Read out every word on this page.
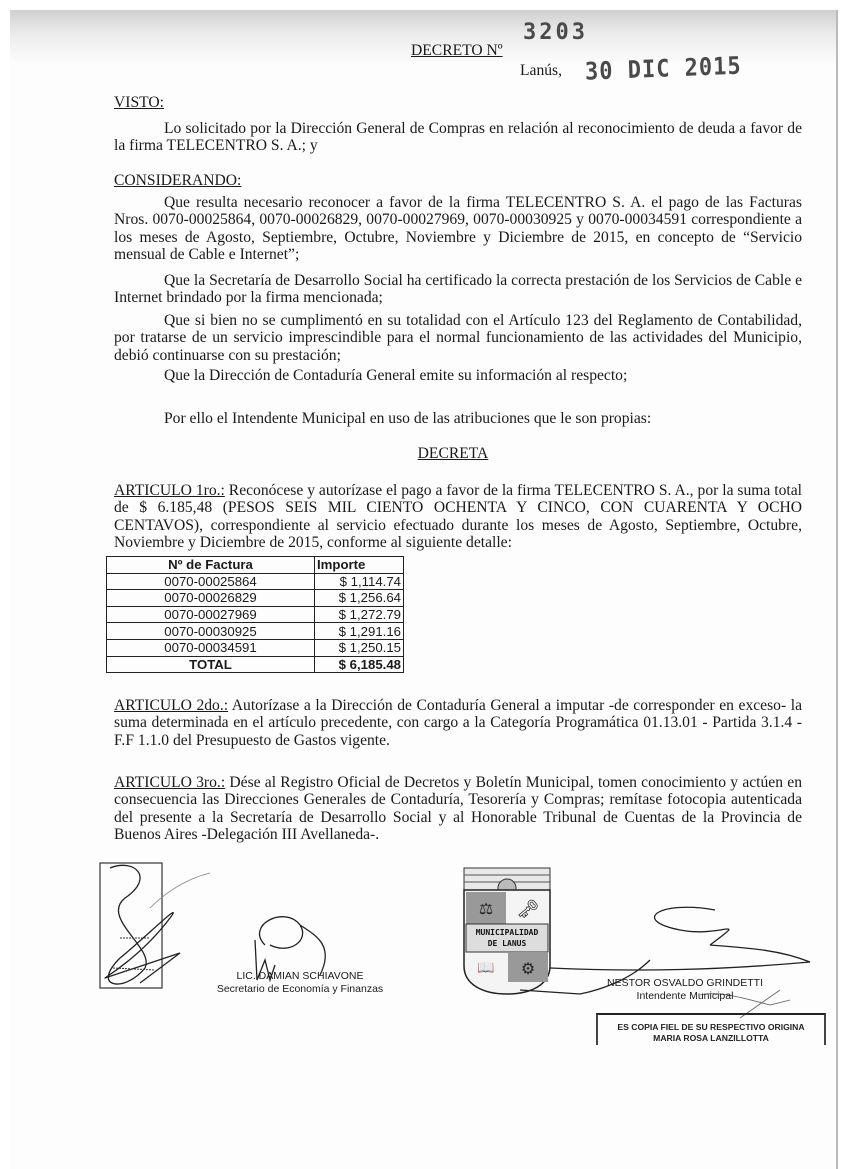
DECRETO Nº
3203
Lanús, 30 DIC 2015
VISTO:
Lo solicitado por la Dirección General de Compras en relación al reconocimiento de deuda a favor de la firma TELECENTRO S. A.; y
CONSIDERANDO:
Que resulta necesario reconocer a favor de la firma TELECENTRO S. A. el pago de las Facturas Nros. 0070-00025864, 0070-00026829, 0070-00027969, 0070-00030925 y 0070-00034591 correspondiente a los meses de Agosto, Septiembre, Octubre, Noviembre y Diciembre de 2015, en concepto de “Servicio mensual de Cable e Internet”;
Que la Secretaría de Desarrollo Social ha certificado la correcta prestación de los Servicios de Cable e Internet brindado por la firma mencionada;
Que si bien no se cumplimentó en su totalidad con el Artículo 123 del Reglamento de Contabilidad, por tratarse de un servicio imprescindible para el normal funcionamiento de las actividades del Municipio, debió continuarse con su prestación;
Que la Dirección de Contaduría General emite su información al respecto;
Por ello el Intendente Municipal en uso de las atribuciones que le son propias:
DECRETA
ARTICULO 1ro.: Reconócese y autorízase el pago a favor de la firma TELECENTRO S. A., por la suma total de $ 6.185,48 (PESOS SEIS MIL CIENTO OCHENTA Y CINCO, CON CUARENTA Y OCHO CENTAVOS), correspondiente al servicio efectuado durante los meses de Agosto, Septiembre, Octubre, Noviembre y Diciembre de 2015, conforme al siguiente detalle:
Nº de Factura	Importe
0070-00025864	$ 1,114.74
0070-00026829	$ 1,256.64
0070-00027969	$ 1,272.79
0070-00030925	$ 1,291.16
0070-00034591	$ 1,250.15
TOTAL	$ 6,185.48
ARTICULO 2do.: Autorízase a la Dirección de Contaduría General a imputar -de corresponder en exceso- la suma determinada en el artículo precedente, con cargo a la Categoría Programática 01.13.01 - Partida 3.1.4 - F.F 1.1.0 del Presupuesto de Gastos vigente.
ARTICULO 3ro.: Dése al Registro Oficial de Decretos y Boletín Municipal, tomen conocimiento y actúen en consecuencia las Direcciones Generales de Contaduría, Tesorería y Compras; remítase fotocopia autenticada del presente a la Secretaría de Desarrollo Social y al Honorable Tribunal de Cuentas de la Provincia de Buenos Aires -Delegación III Avellaneda-.
LIC. DAMIAN SCHIAVONE
Secretario de Economía y Finanzas
⚖ 🗝
⚙
📖
MUNICIPALIDAD
DE LANUS
NESTOR OSVALDO GRINDETTI
Intendente Municipal
ES COPIA FIEL DE SU RESPECTIVO ORIGINA
MARIA ROSA LANZILLOTTA
